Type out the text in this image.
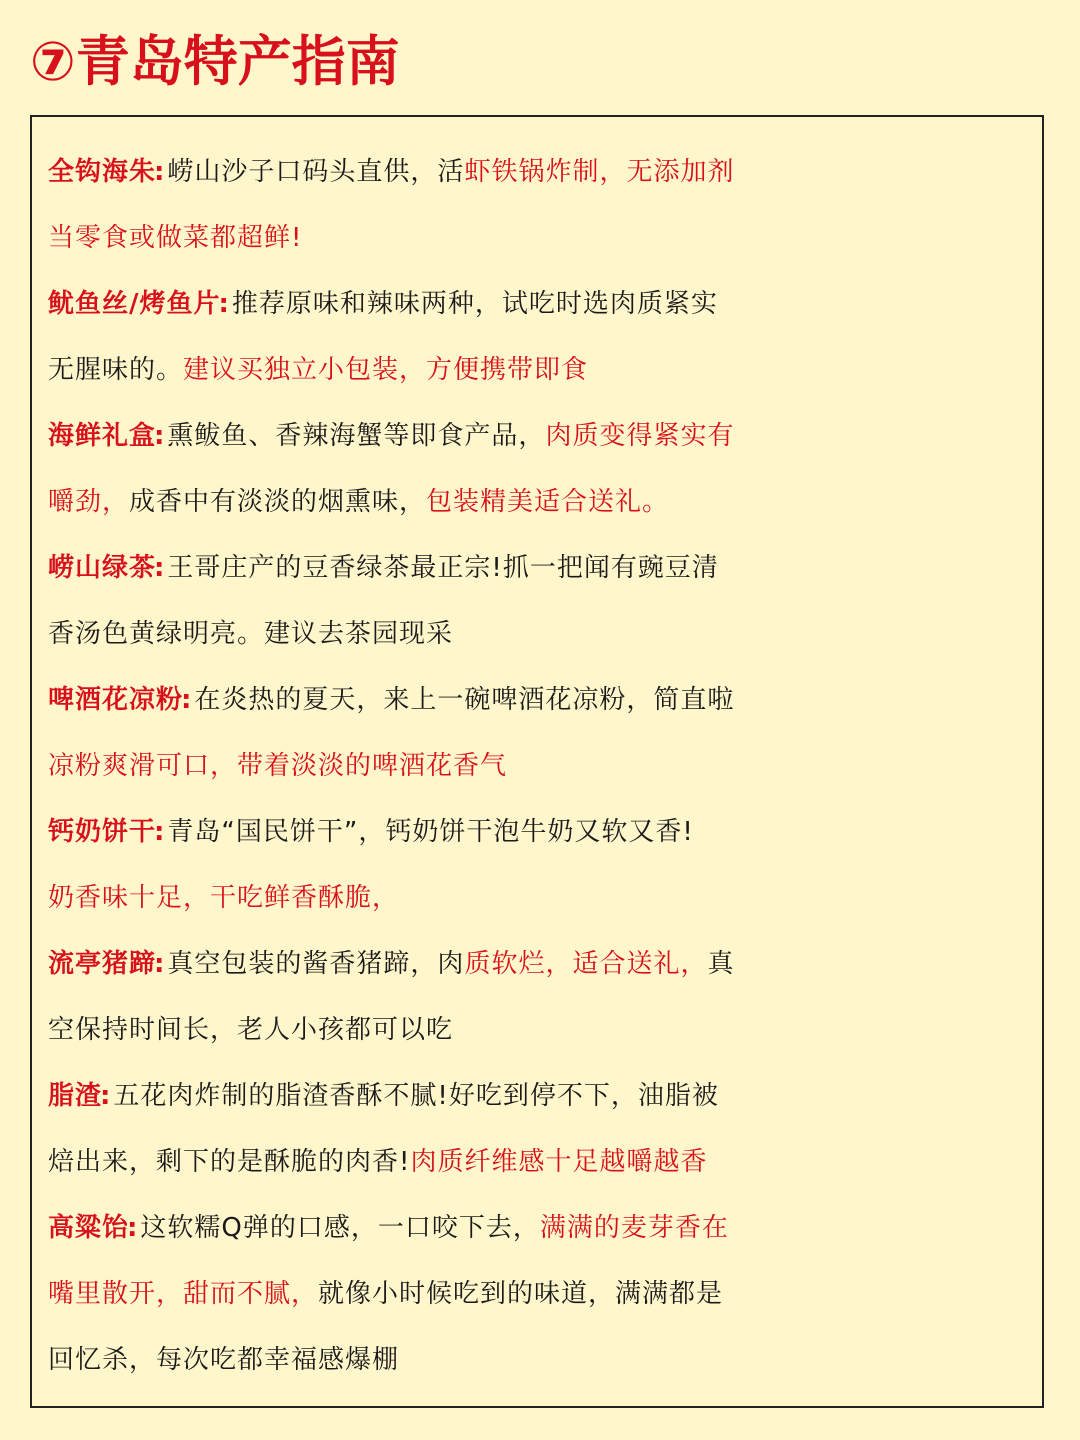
⑦青岛特产指南
全钩海朱:崂山沙子口码头直供，活虾铁锅炸制，无添加剂
当零食或做菜都超鲜!
鱿鱼丝/烤鱼片:推荐原味和辣味两种，试吃时选肉质紧实
无腥味的。建议买独立小包装，方便携带即食
海鲜礼盒:熏鲅鱼、香辣海蟹等即食产品，肉质变得紧实有
嚼劲，成香中有淡淡的烟熏味，包装精美适合送礼。
崂山绿茶:王哥庄产的豆香绿茶最正宗!抓一把闻有豌豆清
香汤色黄绿明亮。建议去茶园现采
啤酒花凉粉:在炎热的夏天，来上一碗啤酒花凉粉，简直啦
凉粉爽滑可口，带着淡淡的啤酒花香气
钙奶饼干:青岛“国民饼干”，钙奶饼干泡牛奶又软又香!
奶香味十足，干吃鲜香酥脆，
流亭猪蹄:真空包装的酱香猪蹄，肉质软烂，适合送礼，真
空保持时间长，老人小孩都可以吃
脂渣:五花肉炸制的脂渣香酥不腻!好吃到停不下，油脂被
焙出来，剩下的是酥脆的肉香!肉质纤维感十足越嚼越香
高粱饴:这软糯Q弹的口感，一口咬下去，满满的麦芽香在
嘴里散开，甜而不腻，就像小时候吃到的味道，满满都是
回忆杀，每次吃都幸福感爆棚
